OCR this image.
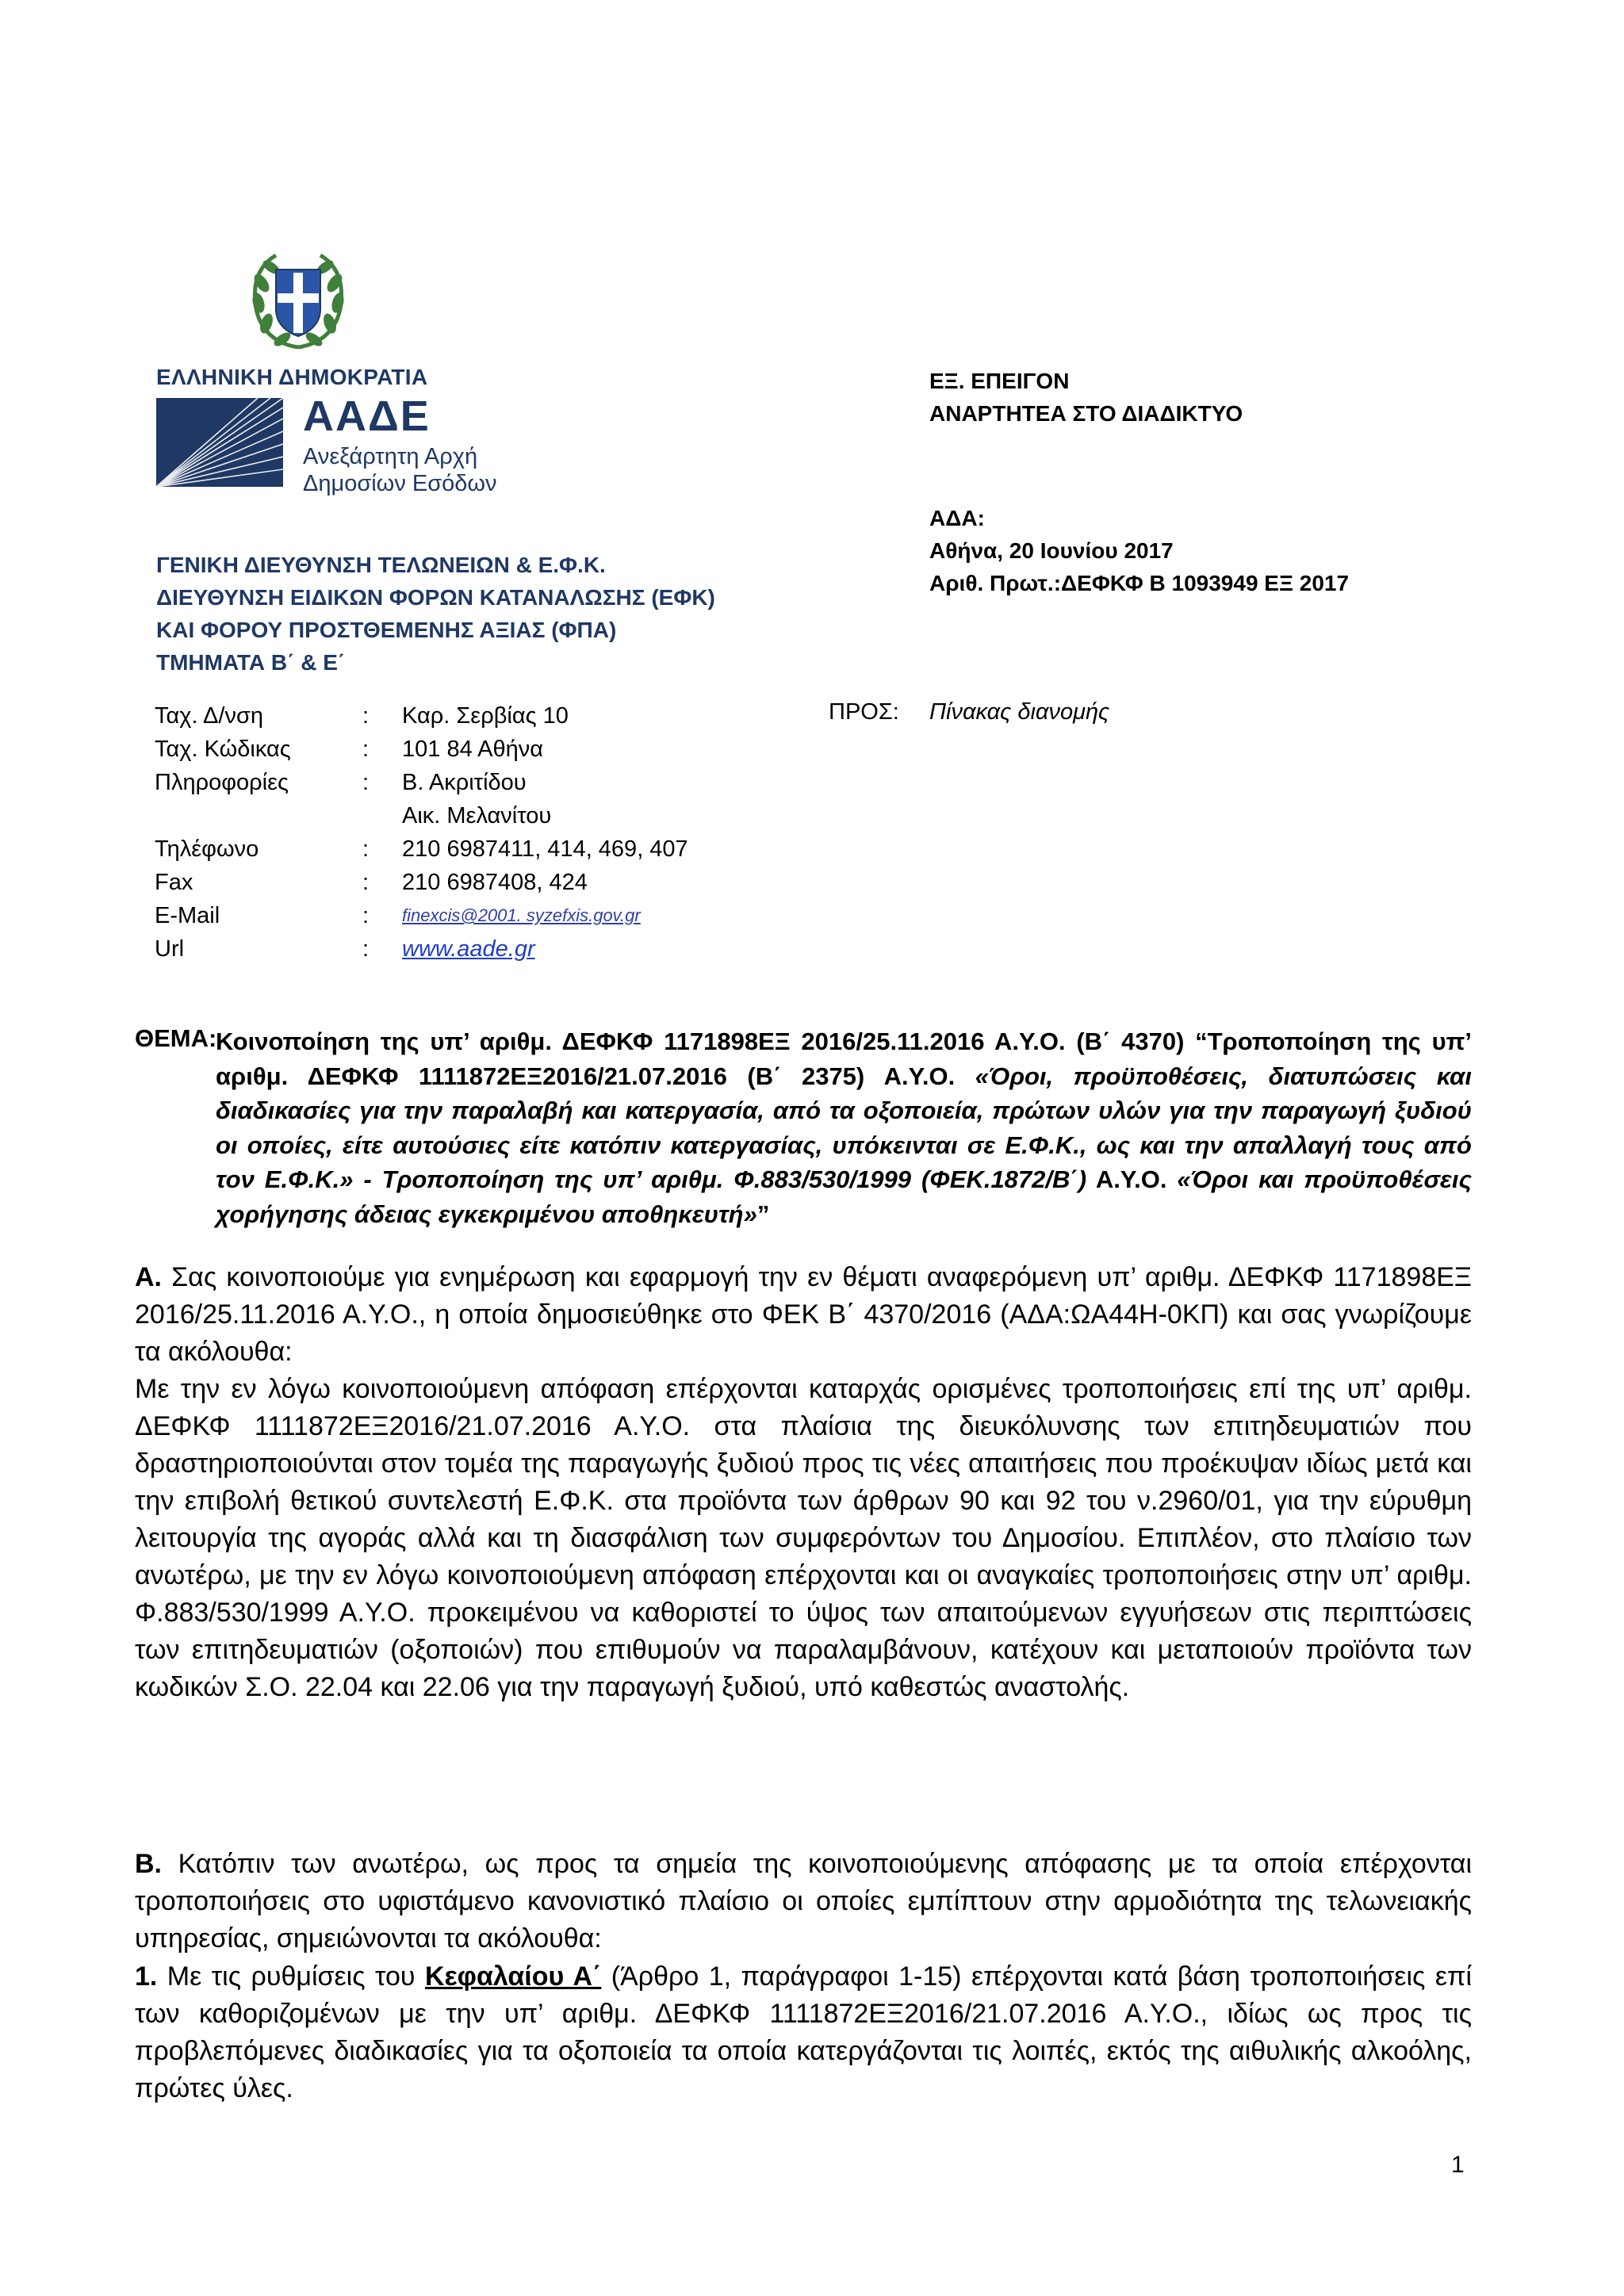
ΕΛΛΗΝΙΚΗ ΔΗΜΟΚΡΑΤΙΑ
ΑΑΔΕ
Ανεξάρτητη Αρχή
Δημοσίων Εσόδων
ΓΕΝΙΚΗ ΔΙΕΥΘΥΝΣΗ ΤΕΛΩΝΕΙΩΝ & Ε.Φ.Κ.
ΔΙΕΥΘΥΝΣΗ ΕΙΔΙΚΩΝ ΦΟΡΩΝ ΚΑΤΑΝΑΛΩΣΗΣ (ΕΦΚ)
ΚΑΙ ΦΟΡΟΥ ΠΡΟΣΤΘΕΜΕΝΗΣ ΑΞΙΑΣ (ΦΠΑ)
ΤΜΗΜΑΤΑ Β΄ & Ε΄
ΕΞ. ΕΠΕΙΓΟΝ
ΑΝΑΡΤΗΤΕΑ ΣΤΟ ΔΙΑΔΙΚΤΥΟ
ΑΔΑ:
Αθήνα, 20 Ιουνίου 2017
Αριθ. Πρωτ.:ΔΕΦΚΦ Β 1093949 ΕΞ 2017
Ταχ. Δ/νση	: Καρ. Σερβίας 10
Ταχ. Κώδικας	: 101 84 Αθήνα
Πληροφορίες	: Β. Ακριτίδου
Αικ. Μελανίτου
Τηλέφωνο	: 210 6987411, 414, 469, 407
Fax	: 210 6987408, 424
E-Mail	: finexcis@2001. syzefxis.gov.gr
Url	: www.aade.gr
ΠΡΟΣ: Πίνακας διανομής
ΘΕΜΑ:
Κοινοποίηση της υπ’ αριθμ. ΔΕΦΚΦ 1171898ΕΞ 2016/25.11.2016 Α.Υ.Ο. (Β΄ 4370) “Τροποποίηση της υπ’ αριθμ. ΔΕΦΚΦ 1111872ΕΞ2016/21.07.2016 (Β΄ 2375) Α.Υ.Ο. «Όροι, προϋποθέσεις, διατυπώσεις και διαδικασίες για την παραλαβή και κατεργασία, από τα οξοποιεία, πρώτων υλών για την παραγωγή ξυδιού οι οποίες, είτε αυτούσιες είτε κατόπιν κατεργασίας, υπόκεινται σε Ε.Φ.Κ., ως και την απαλλαγή τους από τον Ε.Φ.Κ.» - Τροποποίηση της υπ’ αριθμ. Φ.883/530/1999 (ΦΕΚ.1872/Β΄) Α.Υ.Ο. «Όροι και προϋποθέσεις χορήγησης άδειας εγκεκριμένου αποθηκευτή»”
Α. Σας κοινοποιούμε για ενημέρωση και εφαρμογή την εν θέματι αναφερόμενη υπ’ αριθμ. ΔΕΦΚΦ 1171898ΕΞ 2016/25.11.2016 Α.Υ.Ο., η οποία δημοσιεύθηκε στο ΦΕΚ Β΄ 4370/2016 (ΑΔΑ:ΩΑ44Η-0ΚΠ) και σας γνωρίζουμε τα ακόλουθα:
Με την εν λόγω κοινοποιούμενη απόφαση επέρχονται καταρχάς ορισμένες τροποποιήσεις επί της υπ’ αριθμ. ΔΕΦΚΦ 1111872ΕΞ2016/21.07.2016 Α.Υ.Ο. στα πλαίσια της διευκόλυνσης των επιτηδευματιών που δραστηριοποιούνται στον τομέα της παραγωγής ξυδιού προς τις νέες απαιτήσεις που προέκυψαν ιδίως μετά και την επιβολή θετικού συντελεστή Ε.Φ.Κ. στα προϊόντα των άρθρων 90 και 92 του ν.2960/01, για την εύρυθμη λειτουργία της αγοράς αλλά και τη διασφάλιση των συμφερόντων του Δημοσίου. Επιπλέον, στο πλαίσιο των ανωτέρω, με την εν λόγω κοινοποιούμενη απόφαση επέρχονται και οι αναγκαίες τροποποιήσεις στην υπ’ αριθμ. Φ.883/530/1999 Α.Υ.Ο. προκειμένου να καθοριστεί το ύψος των απαιτούμενων εγγυήσεων στις περιπτώσεις των επιτηδευματιών (οξοποιών) που επιθυμούν να παραλαμβάνουν, κατέχουν και μεταποιούν προϊόντα των κωδικών Σ.Ο. 22.04 και 22.06 για την παραγωγή ξυδιού, υπό καθεστώς αναστολής.
Β. Κατόπιν των ανωτέρω, ως προς τα σημεία της κοινοποιούμενης απόφασης με τα οποία επέρχονται τροποποιήσεις στο υφιστάμενο κανονιστικό πλαίσιο οι οποίες εμπίπτουν στην αρμοδιότητα της τελωνειακής υπηρεσίας, σημειώνονται τα ακόλουθα:
1. Με τις ρυθμίσεις του Κεφαλαίου Α΄ (Άρθρο 1, παράγραφοι 1-15) επέρχονται κατά βάση τροποποιήσεις επί των καθοριζομένων με την υπ’ αριθμ. ΔΕΦΚΦ 1111872ΕΞ2016/21.07.2016 Α.Υ.Ο., ιδίως ως προς τις προβλεπόμενες διαδικασίες για τα οξοποιεία τα οποία κατεργάζονται τις λοιπές, εκτός της αιθυλικής αλκοόλης, πρώτες ύλες.
1
